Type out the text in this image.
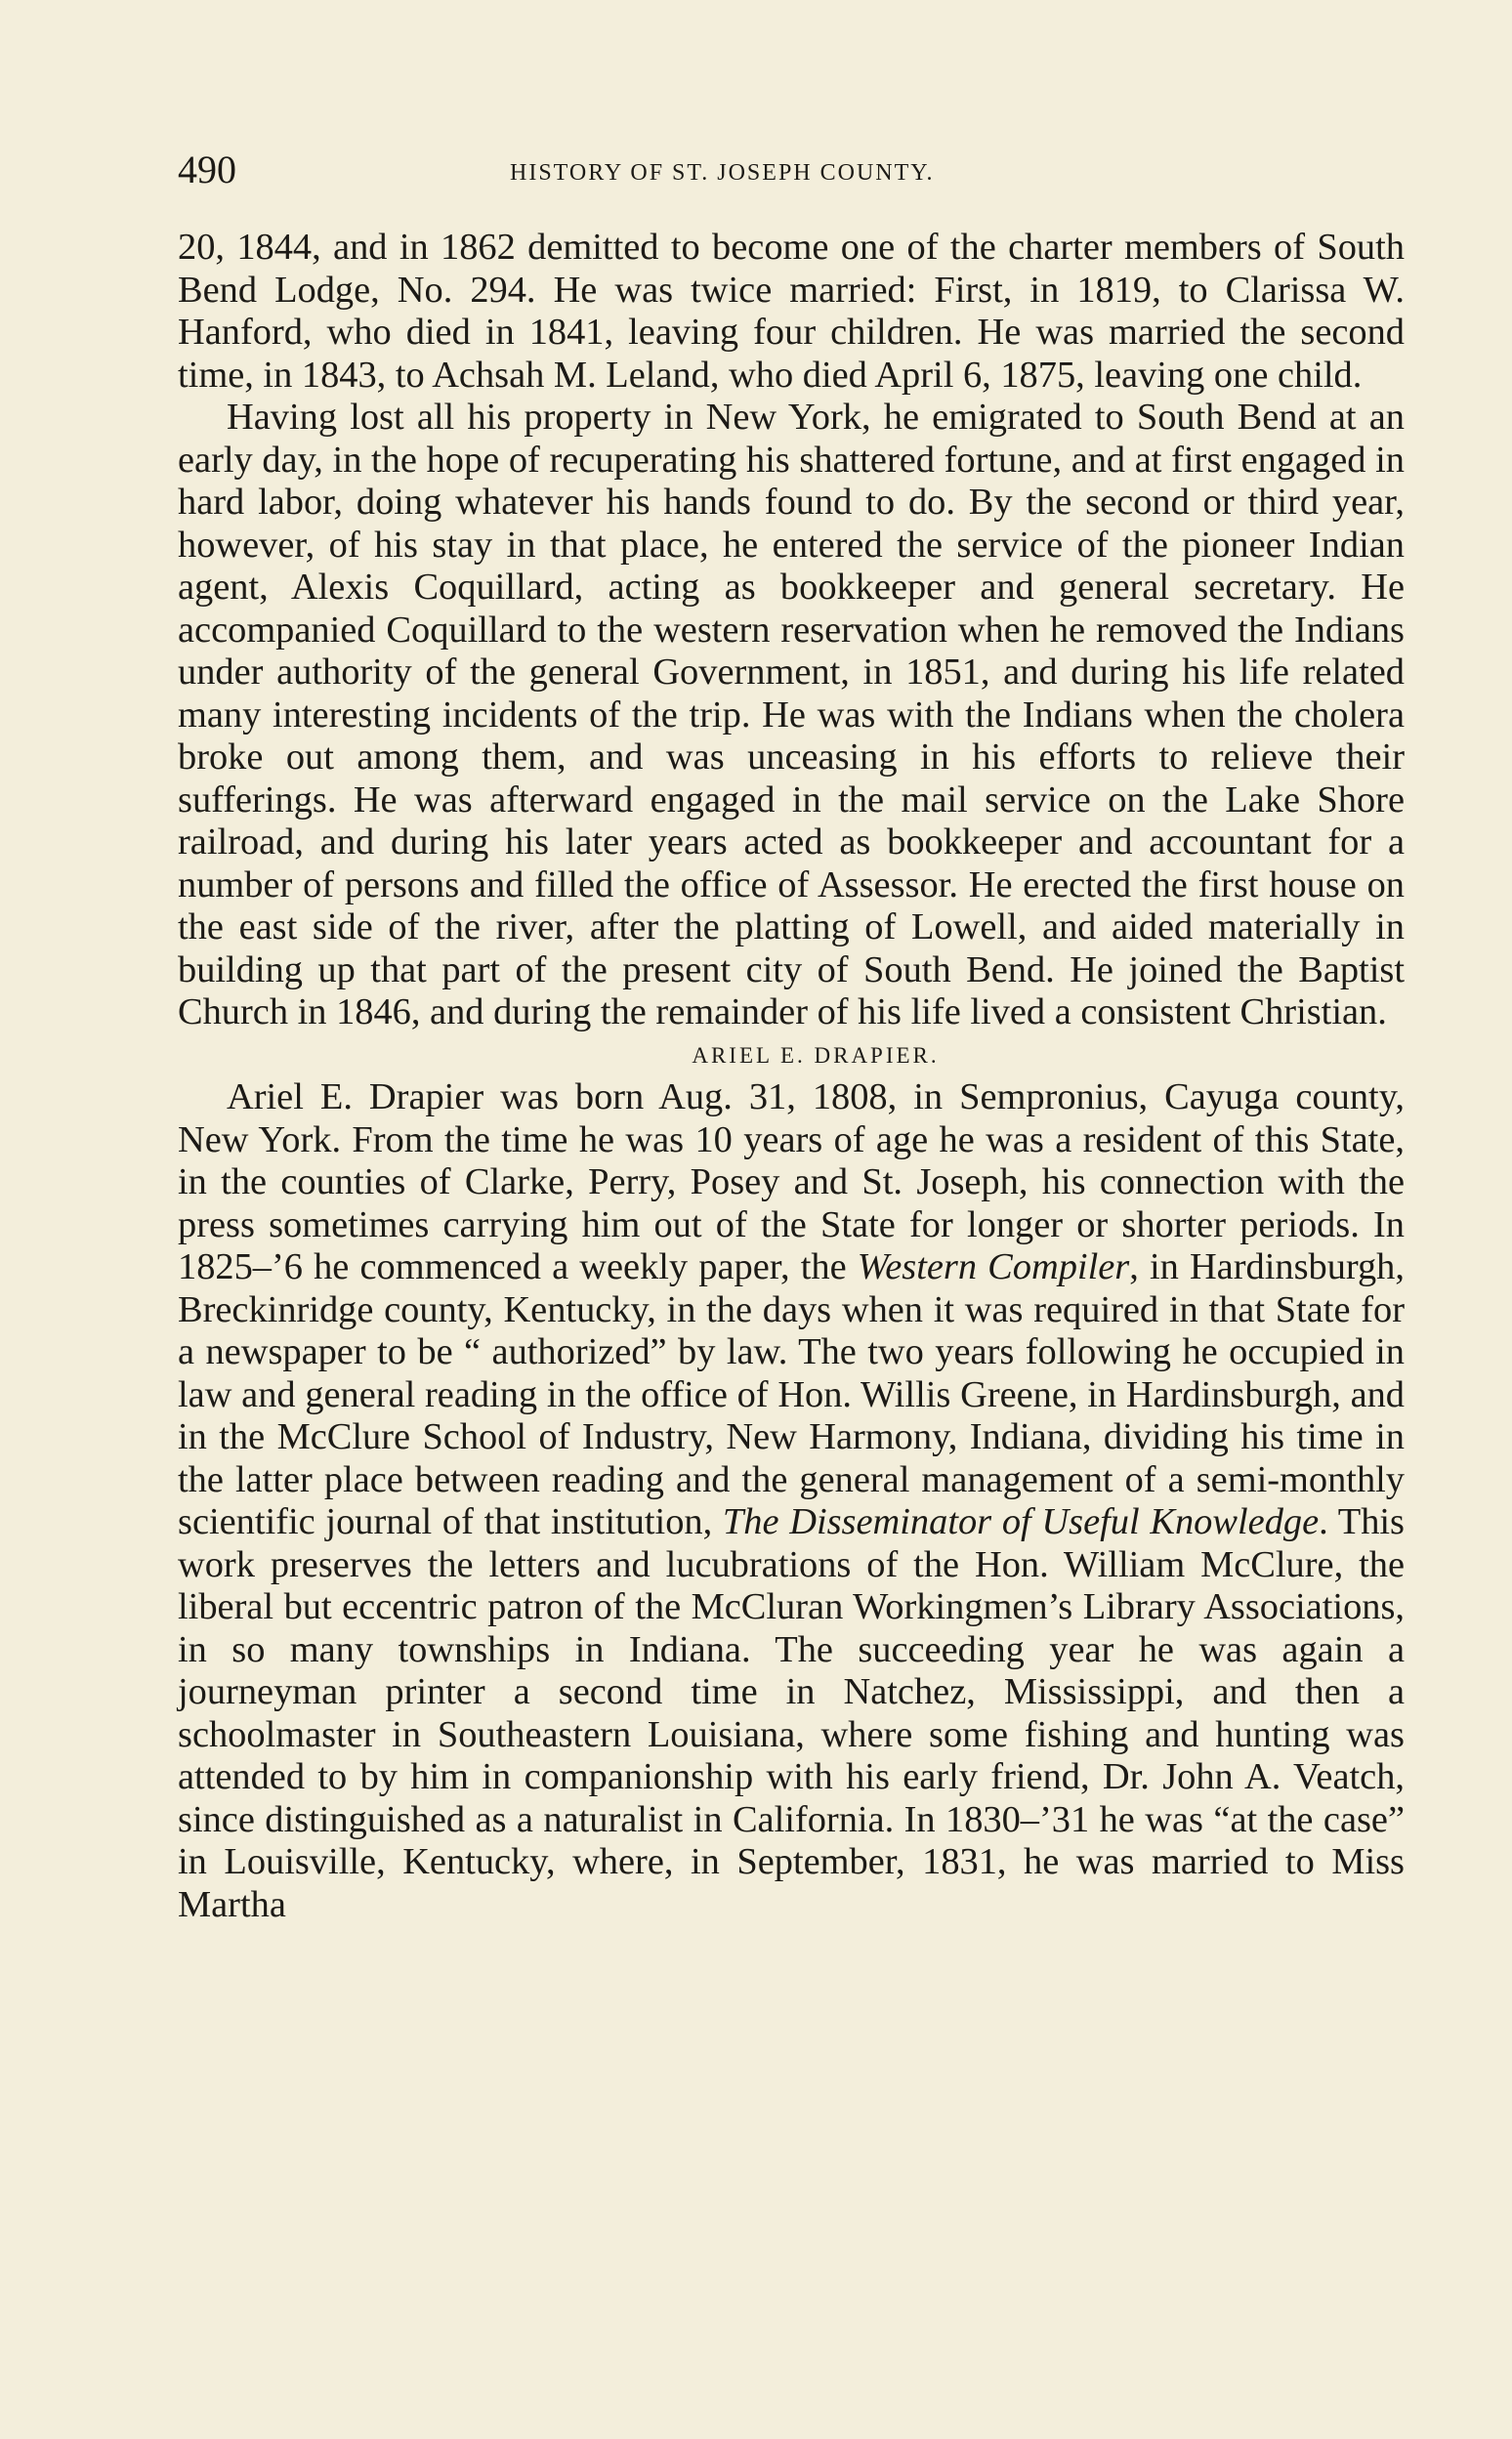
490	HISTORY OF ST. JOSEPH COUNTY.

20, 1844, and in 1862 demitted to become one of the charter members of South Bend Lodge, No. 294. He was twice married: First, in 1819, to Clarissa W. Hanford, who died in 1841, leaving four children. He was married the second time, in 1843, to Achsah M. Leland, who died April 6, 1875, leaving one child.

Having lost all his property in New York, he emigrated to South Bend at an early day, in the hope of recuperating his shattered fortune, and at first engaged in hard labor, doing whatever his hands found to do. By the second or third year, however, of his stay in that place, he entered the service of the pioneer Indian agent, Alexis Coquillard, acting as bookkeeper and general secretary. He accompanied Coquillard to the western reservation when he removed the Indians under authority of the general Government, in 1851, and during his life related many interesting incidents of the trip. He was with the Indians when the cholera broke out among them, and was unceasing in his efforts to relieve their sufferings. He was afterward engaged in the mail service on the Lake Shore railroad, and during his later years acted as bookkeeper and accountant for a number of persons and filled the office of Assessor. He erected the first house on the east side of the river, after the platting of Lowell, and aided materially in building up that part of the present city of South Bend. He joined the Baptist Church in 1846, and during the remainder of his life lived a consistent Christian.

ARIEL E. DRAPIER.

Ariel E. Drapier was born Aug. 31, 1808, in Sempronius, Cayuga county, New York. From the time he was 10 years of age he was a resident of this State, in the counties of Clarke, Perry, Posey and St. Joseph, his connection with the press sometimes carrying him out of the State for longer or shorter periods. In 1825–’6 he commenced a weekly paper, the Western Compiler, in Hardinsburgh, Breckinridge county, Kentucky, in the days when it was required in that State for a newspaper to be “ authorized” by law. The two years following he occupied in law and general reading in the office of Hon. Willis Greene, in Hardinsburgh, and in the McClure School of Industry, New Harmony, Indiana, dividing his time in the latter place between reading and the general management of a semi-monthly scientific journal of that institution, The Disseminator of Useful Knowledge. This work preserves the letters and lucubrations of the Hon. William McClure, the liberal but eccentric patron of the McCluran Workingmen’s Library Associations, in so many townships in Indiana. The succeeding year he was again a journeyman printer a second time in Natchez, Mississippi, and then a schoolmaster in Southeastern Louisiana, where some fishing and hunting was attended to by him in companionship with his early friend, Dr. John A. Veatch, since distinguished as a naturalist in California. In 1830–’31 he was “at the case” in Louisville, Kentucky, where, in September, 1831, he was married to Miss Martha
